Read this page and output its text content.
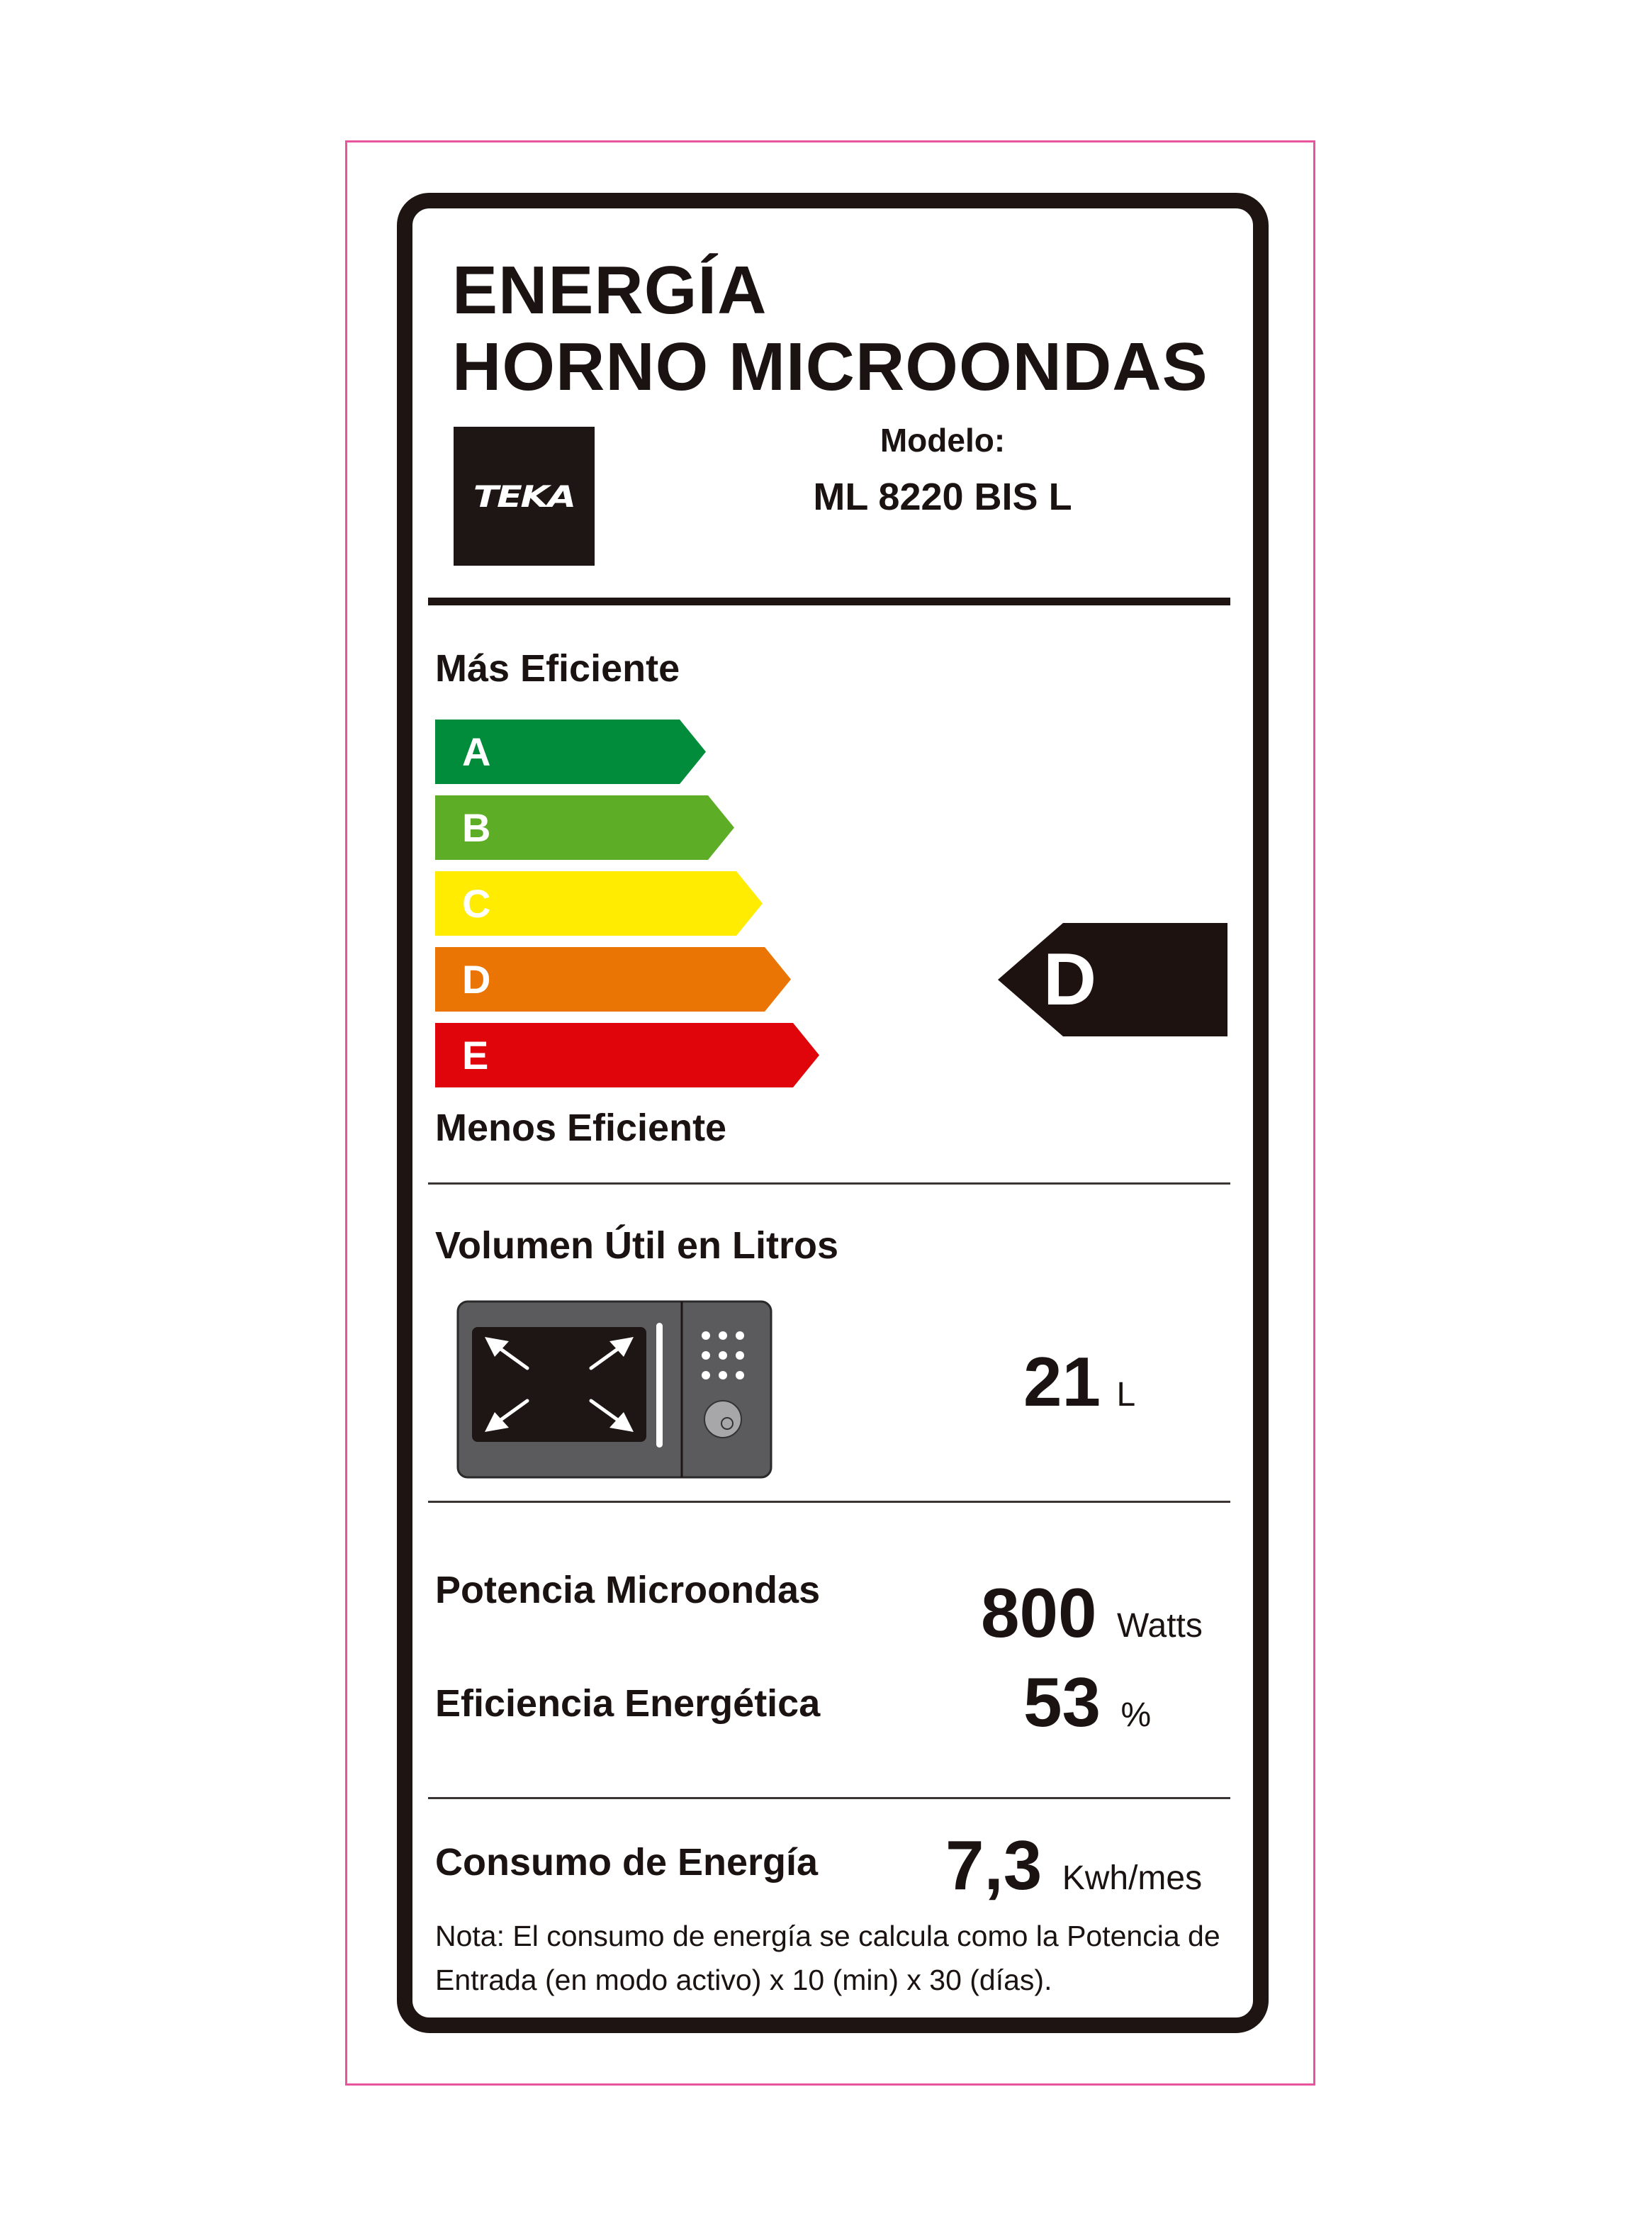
ENERGÍA
HORNO MICROONDAS
TEKA
Modelo:
ML 8220 BIS L
Más Eficiente
A
B
C
D
E
D
Menos Eficiente
Volumen Útil en Litros
21 L
Potencia Microondas 800 Watts
Eficiencia Energética	53 %
Consumo de Energía 7,3 Kwh/mes
Nota: El consumo de energía se calcula como la Potencia de Entrada (en modo activo) x 10 (min) x 30 (días).
